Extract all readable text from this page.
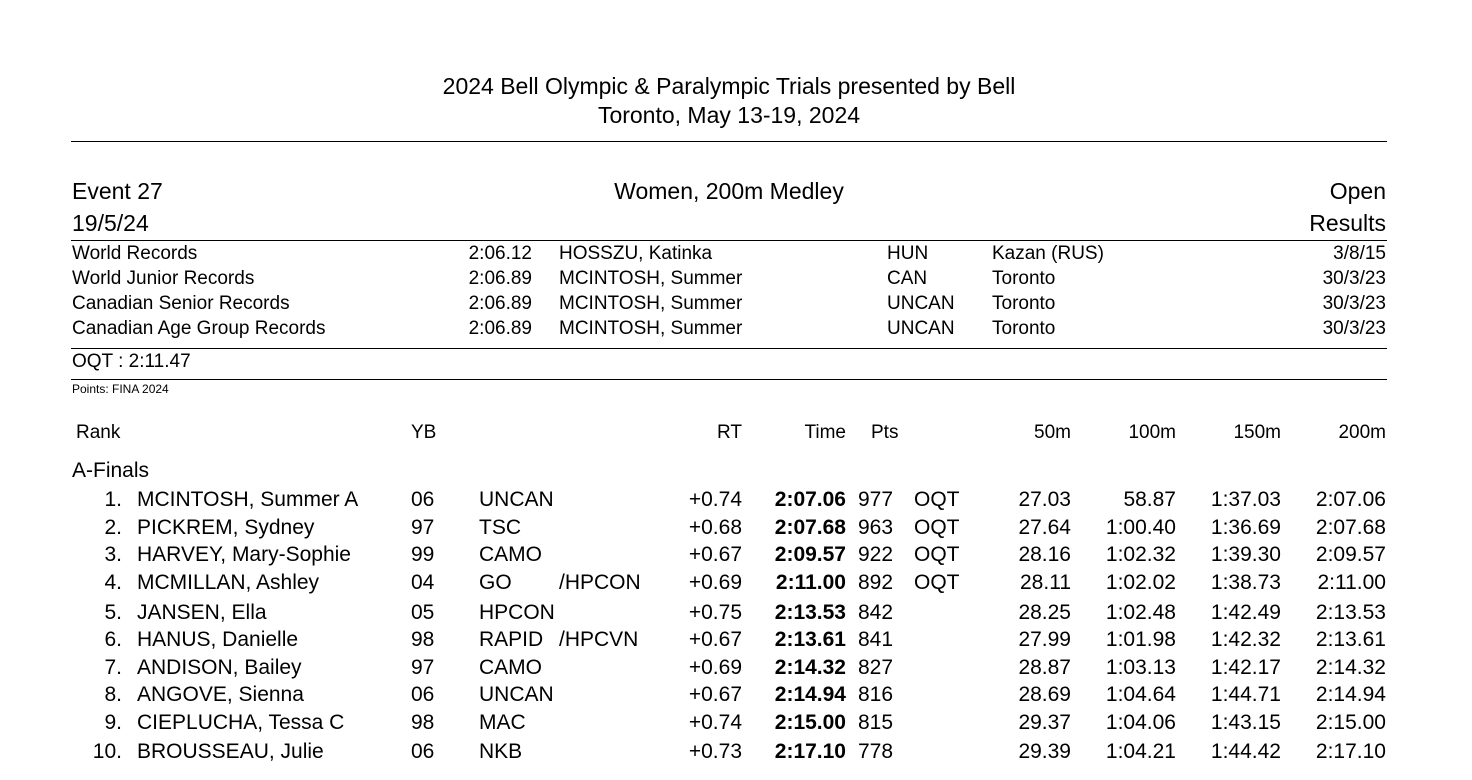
2024 Bell Olympic & Paralympic Trials presented by Bell
Toronto, May 13-19, 2024
Event 27
19/5/24
Women, 200m Medley	Open
Results
World Records	2:06.12 HOSSZU, Katinka	HUN	Kazan (RUS)	3/8/15
World Junior Records	2:06.89 MCINTOSH, Summer	CAN	Toronto	30/3/23
Canadian Senior Records	2:06.89 MCINTOSH, Summer	UNCAN Toronto	30/3/23
Canadian Age Group Records	2:06.89 MCINTOSH, Summer	UNCAN Toronto	30/3/23
OQT : 2:11.47
Points: FINA 2024
Rank	YB	RT	Time Pts	50m	100m	150m	200m
A-Finals
1. MCINTOSH, Summer A	06 UNCAN	+0.74	2:07.06 977 OQT	27.03	58.87	1:37.03	2:07.06
2. PICKREM, Sydney	97 TSC	+0.68	2:07.68 963 OQT	27.64	1:00.40	1:36.69	2:07.68
3. HARVEY, Mary-Sophie	99 CAMO	+0.67	2:09.57 922 OQT	28.16	1:02.32	1:39.30	2:09.57
4. MCMILLAN, Ashley	04 GO /HPCON	+0.69	2:11.00 892 OQT	28.11	1:02.02	1:38.73	2:11.00
5. JANSEN, Ella	05 HPCON	+0.75	2:13.53 842	28.25	1:02.48	1:42.49	2:13.53
6. HANUS, Danielle	98 RAPID /HPCVN	+0.67	2:13.61 841	27.99	1:01.98	1:42.32	2:13.61
7. ANDISON, Bailey	97 CAMO	+0.69	2:14.32 827	28.87	1:03.13	1:42.17	2:14.32
8. ANGOVE, Sienna	06 UNCAN	+0.67	2:14.94 816	28.69	1:04.64	1:44.71	2:14.94
9. CIEPLUCHA, Tessa C	98 MAC	+0.74	2:15.00 815	29.37	1:04.06	1:43.15	2:15.00
10. BROUSSEAU, Julie	06 NKB	+0.73	2:17.10 778	29.39	1:04.21	1:44.42	2:17.10
